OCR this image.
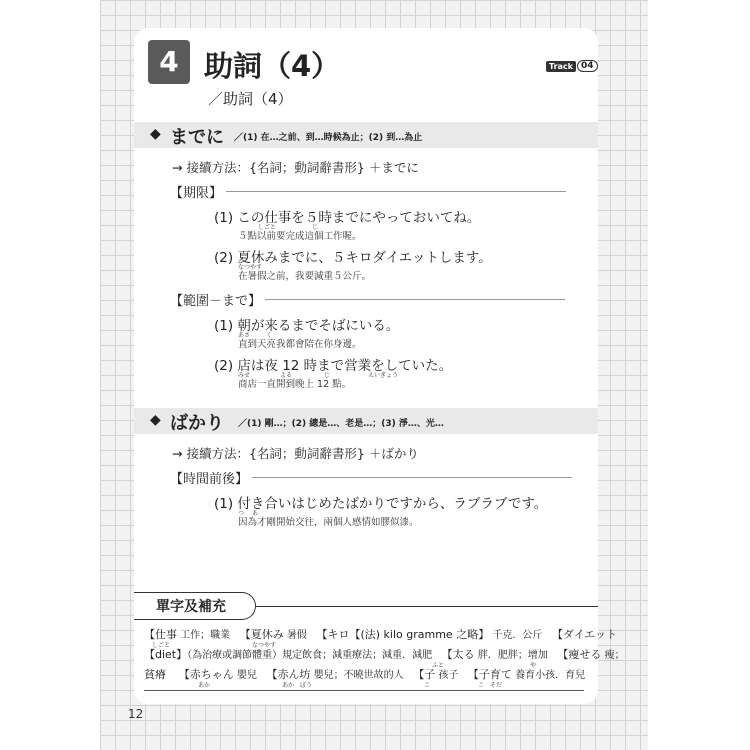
4 助詞（4）
／助詞（4）
Track 04
◆ までに ／(1) 在…之前、到…時候為止；(2) 到…為止
→ 接續方法：{名詞；動詞辭書形} ＋までに
【期限】
(1) この仕事を５時までにやっておいてね。
しごと	じ
５點以前要完成這個工作喔。
(2) 夏休みまでに、５キロダイエットします。
なつやす
在暑假之前，我要減重５公斤。
【範圍－まで】
(1) 朝が来るまでそばにいる。
あさ	く
直到天亮我都會陪在你身邊。
(2) 店は夜 12 時まで営業をしていた。
みせ	よる	じ	えいぎょう
商店一直開到晚上 12 點。
◆ ばかり ／(1) 剛…；(2) 總是…、老是…；(3) 淨…、光…
→ 接續方法：{名詞；動詞辭書形} ＋ばかり
【時間前後】
(1) 付き合いはじめたばかりですから、ラブラブです。
つ あ
因為才剛開始交往，兩個人感情如膠似漆。
單字及補充
【仕事 工作；職業 【夏休み 暑假 【キロ【(法) kilo gramme 之略】 千克．公斤 【ダイエット
しごと	なつやす
【diet】（為治療或調節體重）規定飲食；減重療法；減重．減肥 【太る 胖．肥胖；增加 【痩せる 瘦；
ふと	や
貧瘠 【赤ちゃん 嬰兒 【赤ん坊 嬰兒；不曉世故的人 【子 孩子 【子育て 養育小孩．育兒
あか	あか　ぼう	こ	こ　そだ
12
